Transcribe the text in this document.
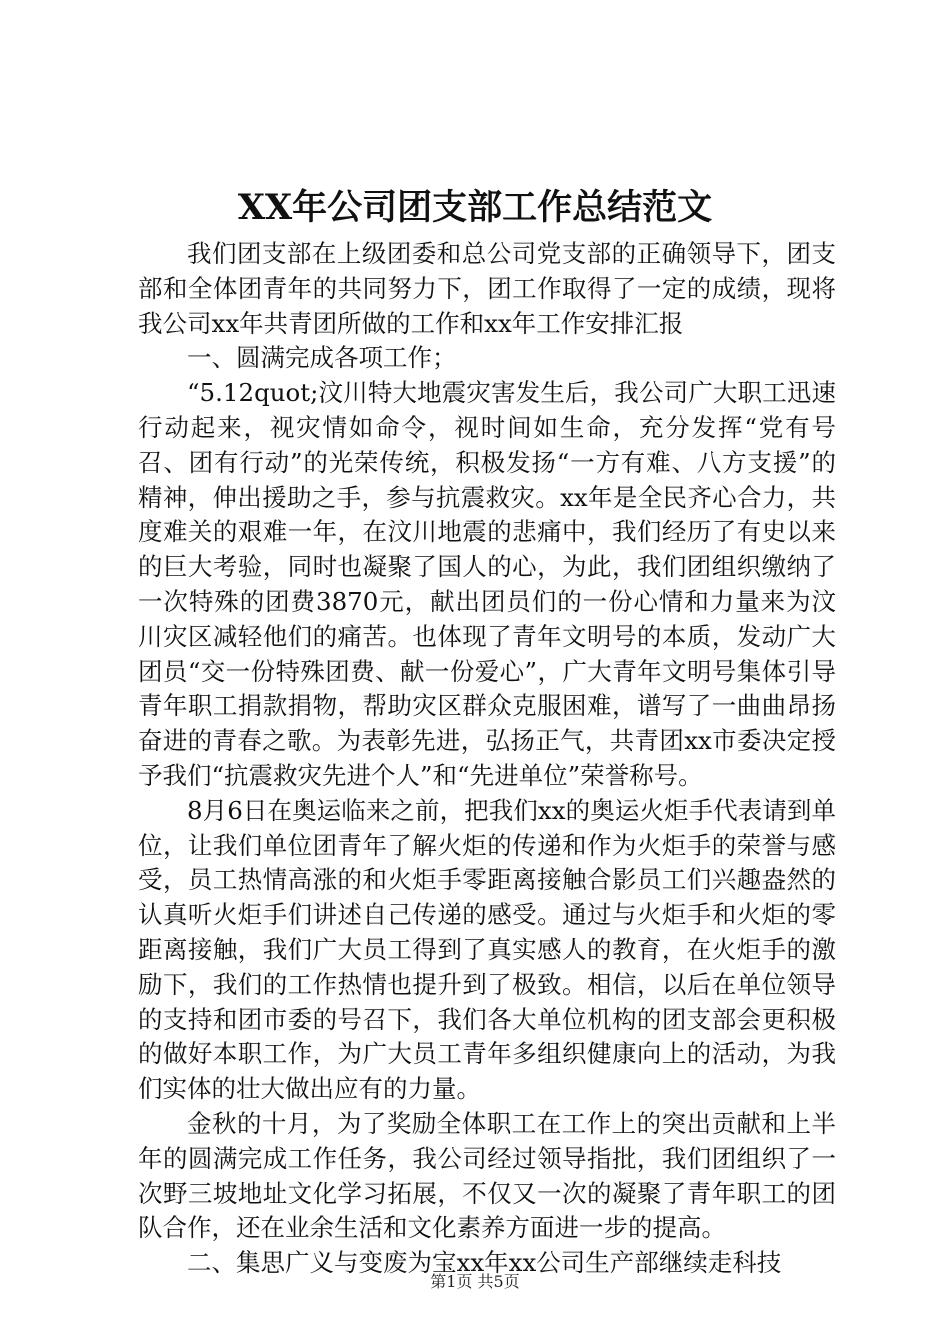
XX年公司团支部工作总结范文

我们团支部在上级团委和总公司党支部的正确领导下，团支部和全体团青年的共同努力下，团工作取得了一定的成绩，现将我公司xx年共青团所做的工作和xx年工作安排汇报

一、圆满完成各项工作；

“5.12quot;汶川特大地震灾害发生后，我公司广大职工迅速行动起来，视灾情如命令，视时间如生命，充分发挥“党有号召、团有行动”的光荣传统，积极发扬“一方有难、八方支援”的精神，伸出援助之手，参与抗震救灾。xx年是全民齐心合力，共度难关的艰难一年，在汶川地震的悲痛中，我们经历了有史以来的巨大考验，同时也凝聚了国人的心，为此，我们团组织缴纳了一次特殊的团费3870元，献出团员们的一份心情和力量来为汶川灾区减轻他们的痛苦。也体现了青年文明号的本质，发动广大团员“交一份特殊团费、献一份爱心”，广大青年文明号集体引导青年职工捐款捐物，帮助灾区群众克服困难，谱写了一曲曲昂扬奋进的青春之歌。为表彰先进，弘扬正气，共青团xx市委决定授予我们“抗震救灾先进个人”和“先进单位”荣誉称号。

8月6日在奥运临来之前，把我们xx的奥运火炬手代表请到单位，让我们单位团青年了解火炬的传递和作为火炬手的荣誉与感受，员工热情高涨的和火炬手零距离接触合影员工们兴趣盎然的认真听火炬手们讲述自己传递的感受。通过与火炬手和火炬的零距离接触，我们广大员工得到了真实感人的教育，在火炬手的激励下，我们的工作热情也提升到了极致。相信，以后在单位领导的支持和团市委的号召下，我们各大单位机构的团支部会更积极的做好本职工作，为广大员工青年多组织健康向上的活动，为我们实体的壮大做出应有的力量。

金秋的十月，为了奖励全体职工在工作上的突出贡献和上半年的圆满完成工作任务，我公司经过领导指批，我们团组织了一次野三坡地址文化学习拓展，不仅又一次的凝聚了青年职工的团队合作，还在业余生活和文化素养方面进一步的提高。

二、集思广义与变废为宝xx年xx公司生产部继续走科技

第1页 共5页
